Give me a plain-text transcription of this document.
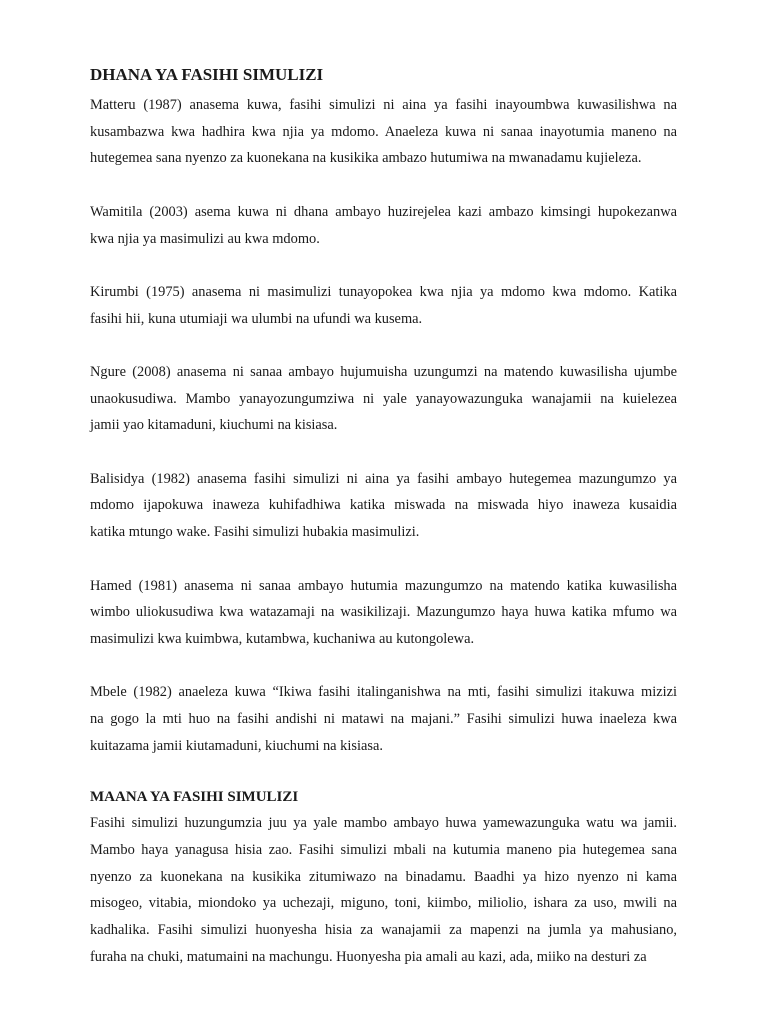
DHANA YA FASIHI SIMULIZI
Matteru (1987) anasema kuwa, fasihi simulizi ni aina ya fasihi inayoumbwa kuwasilishwa na
kusambazwa kwa hadhira kwa njia ya mdomo. Anaeleza kuwa ni sanaa inayotumia maneno na
hutegemea sana nyenzo za kuonekana na kusikika ambazo hutumiwa na mwanadamu kujieleza.
Wamitila (2003) asema kuwa ni dhana ambayo huzirejelea kazi ambazo kimsingi hupokezanwa
kwa njia ya masimulizi au kwa mdomo.
Kirumbi (1975) anasema ni masimulizi tunayopokea kwa njia ya mdomo kwa mdomo. Katika
fasihi hii, kuna utumiaji wa ulumbi na ufundi wa kusema.
Ngure (2008) anasema ni sanaa ambayo hujumuisha uzungumzi na matendo kuwasilisha ujumbe
unaokusudiwa. Mambo yanayozungumziwa ni yale yanayowazunguka wanajamii na kuielezea
jamii yao kitamaduni, kiuchumi na kisiasa.
Balisidya (1982) anasema fasihi simulizi ni aina ya fasihi ambayo hutegemea mazungumzo ya
mdomo ijapokuwa inaweza kuhifadhiwa katika miswada na miswada hiyo inaweza kusaidia
katika mtungo wake. Fasihi simulizi hubakia masimulizi.
Hamed (1981) anasema ni sanaa ambayo hutumia mazungumzo na matendo katika kuwasilisha
wimbo uliokusudiwa kwa watazamaji na wasikilizaji. Mazungumzo haya huwa katika mfumo wa
masimulizi kwa kuimbwa, kutambwa, kuchaniwa au kutongolewa.
Mbele (1982) anaeleza kuwa “Ikiwa fasihi italinganishwa na mti, fasihi simulizi itakuwa mizizi
na gogo la mti huo na fasihi andishi ni matawi na majani.” Fasihi simulizi huwa inaeleza kwa
kuitazama jamii kiutamaduni, kiuchumi na kisiasa.
MAANA YA FASIHI SIMULIZI
Fasihi simulizi huzungumzia juu ya yale mambo ambayo huwa yamewazunguka watu wa jamii.
Mambo haya yanagusa hisia zao. Fasihi simulizi mbali na kutumia maneno pia hutegemea sana
nyenzo za kuonekana na kusikika zitumiwazo na binadamu. Baadhi ya hizo nyenzo ni kama
misogeo, vitabia, miondoko ya uchezaji, miguno, toni, kiimbo, miliolio, ishara za uso, mwili na
kadhalika. Fasihi simulizi huonyesha hisia za wanajamii za mapenzi na jumla ya mahusiano,
furaha na chuki, matumaini na machungu. Huonyesha pia amali au kazi, ada, miiko na desturi za
